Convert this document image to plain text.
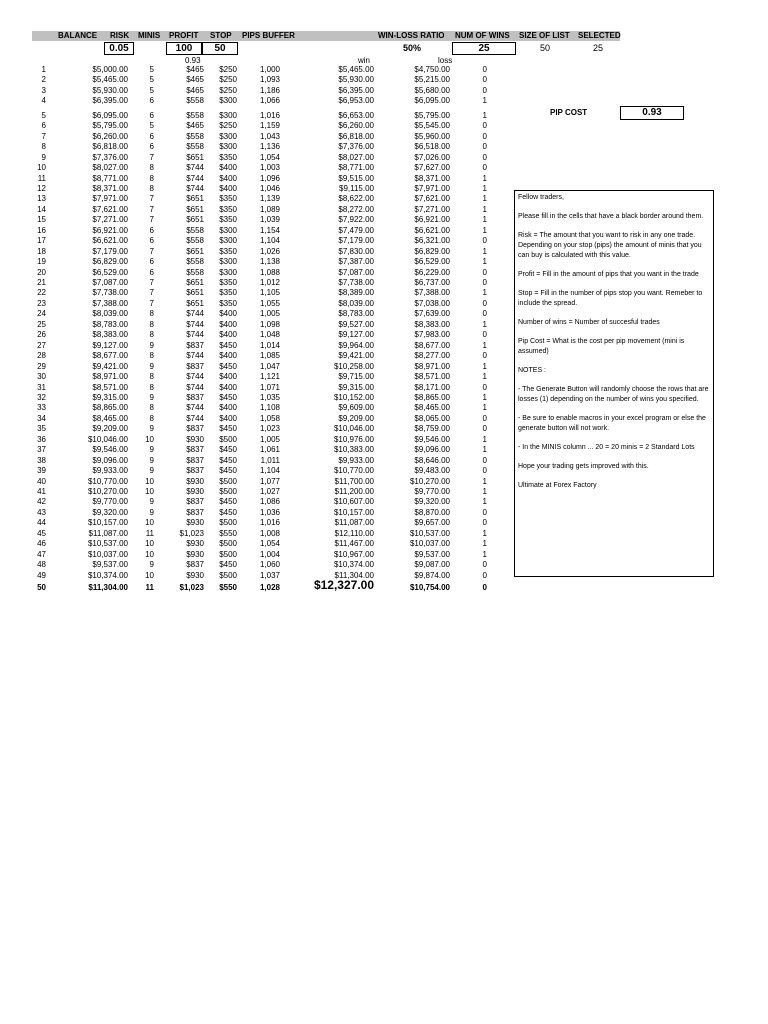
BALANCE RISK MINIS PROFIT STOP PIPS BUFFER	WIN-LOSS RATIO NUM OF WINS SIZE OF LIST SELECTED
0.05	100	50	50%	25	50	25
0.93	win	loss
PIP COST	0.93
1	$5,000.00	5	$465 $250	1,000	$5,465.00	$4,750.00	0
2	$5,465.00	5	$465 $250	1,093	$5,930.00	$5,215.00	0
3	$5,930.00	5	$465 $250	1,186	$6,395.00	$5,680.00	0
4	$6,395.00	6	$558 $300	1,066	$6,953.00	$6,095.00	1
5	$6,095.00	6	$558 $300	1,016	$6,653.00	$5,795.00	1
6	$5,795.00	5	$465 $250	1,159	$6,260.00	$5,545.00	0
7	$6,260.00	6	$558 $300	1,043	$6,818.00	$5,960.00	0
8	$6,818.00	6	$558 $300	1,136	$7,376.00	$6,518.00	0
9	$7,376.00	7	$651 $350	1,054	$8,027.00	$7,026.00	0
10	$8,027.00	8	$744 $400	1,003	$8,771.00	$7,627.00	0
11	$8,771.00	8	$744 $400	1,096	$9,515.00	$8,371.00	1
12	$8,371.00	8	$744 $400	1,046	$9,115.00	$7,971.00	1
13	$7,971.00	7	$651 $350	1,139	$8,622.00	$7,621.00	1
14	$7,621.00	7	$651 $350	1,089	$8,272.00	$7,271.00	1
15	$7,271.00	7	$651 $350	1,039	$7,922.00	$6,921.00	1
16	$6,921.00	6	$558 $300	1,154	$7,479.00	$6,621.00	1
17	$6,621.00	6	$558 $300	1,104	$7,179.00	$6,321.00	0
18	$7,179.00	7	$651 $350	1,026	$7,830.00	$6,829.00	1
19	$6,829.00	6	$558 $300	1,138	$7,387.00	$6,529.00	1
20	$6,529.00	6	$558 $300	1,088	$7,087.00	$6,229.00	0
21	$7,087.00	7	$651 $350	1,012	$7,738.00	$6,737.00	0
22	$7,738.00	7	$651 $350	1,105	$8,389.00	$7,388.00	1
23	$7,388.00	7	$651 $350	1,055	$8,039.00	$7,038.00	0
24	$8,039.00	8	$744 $400	1,005	$8,783.00	$7,639.00	0
25	$8,783.00	8	$744 $400	1,098	$9,527.00	$8,383.00	1
26	$8,383.00	8	$744 $400	1,048	$9,127.00	$7,983.00	0
27	$9,127.00	9	$837 $450	1,014	$9,964.00	$8,677.00	1
28	$8,677.00	8	$744 $400	1,085	$9,421.00	$8,277.00	0
29	$9,421.00	9	$837 $450	1,047	$10,258.00	$8,971.00	1
30	$8,971.00	8	$744 $400	1,121	$9,715.00	$8,571.00	1
31	$8,571.00	8	$744 $400	1,071	$9,315.00	$8,171.00	0
32	$9,315.00	9	$837 $450	1,035	$10,152.00	$8,865.00	1
33	$8,865.00	8	$744 $400	1,108	$9,609.00	$8,465.00	1
34	$8,465.00	8	$744 $400	1,058	$9,209.00	$8,065.00	0
35	$9,209.00	9	$837 $450	1,023	$10,046.00	$8,759.00	0
36	$10,046.00 10	$930 $500	1,005	$10,976.00	$9,546.00	1
37	$9,546.00	9	$837 $450	1,061	$10,383.00	$9,096.00	1
38	$9,096.00	9	$837 $450	1,011	$9,933.00	$8,646.00	0
39	$9,933.00	9	$837 $450	1,104	$10,770.00	$9,483.00	0
40	$10,770.00 10	$930 $500	1,077	$11,700.00	$10,270.00	1
41	$10,270.00 10	$930 $500	1,027	$11,200.00	$9,770.00	1
42	$9,770.00	9	$837 $450	1,086	$10,607.00	$9,320.00	1
43	$9,320.00	9	$837 $450	1,036	$10,157.00	$8,870.00	0
44	$10,157.00 10	$930 $500	1,016	$11,087.00	$9,657.00	0
45	$11,087.00 11	$1,023 $550	1,008	$12,110.00	$10,537.00	1
46	$10,537.00 10	$930 $500	1,054	$11,467.00	$10,037.00	1
47	$10,037.00 10	$930 $500	1,004	$10,967.00	$9,537.00	1
48	$9,537.00	9	$837 $450	1,060	$10,374.00	$9,087.00	0
49	$10,374.00 10	$930 $500	1,037	$11,304.00	$9,874.00	0
50	$11,304.00 11	$1,023 $550	1,028	$12,327.00	$10,754.00	0

Fellow traders,

Please fill in the cells that have a black border around them.

Risk = The amount that you want to risk in any one trade. Depending on your stop (pips) the amount of minis that you can buy is calculated with this value.

Profit = Fill in the amount of pips that you want in the trade

Stop = Fill in the number of pips stop you want. Remeber to include the spread.

Number of wins = Number of succesful trades

Pip Cost = What is the cost per pip movement (mini is assumed)

NOTES :

- The Generate Button will randomly choose the rows that are losses (1) depending on the number of wins you specified.

- Be sure to enable macros in your excel program or else the generate button will not work.

- In the MINIS column ... 20 = 20 minis = 2 Standard Lots

Hope your trading gets improved with this.

Ultimate at Forex Factory
